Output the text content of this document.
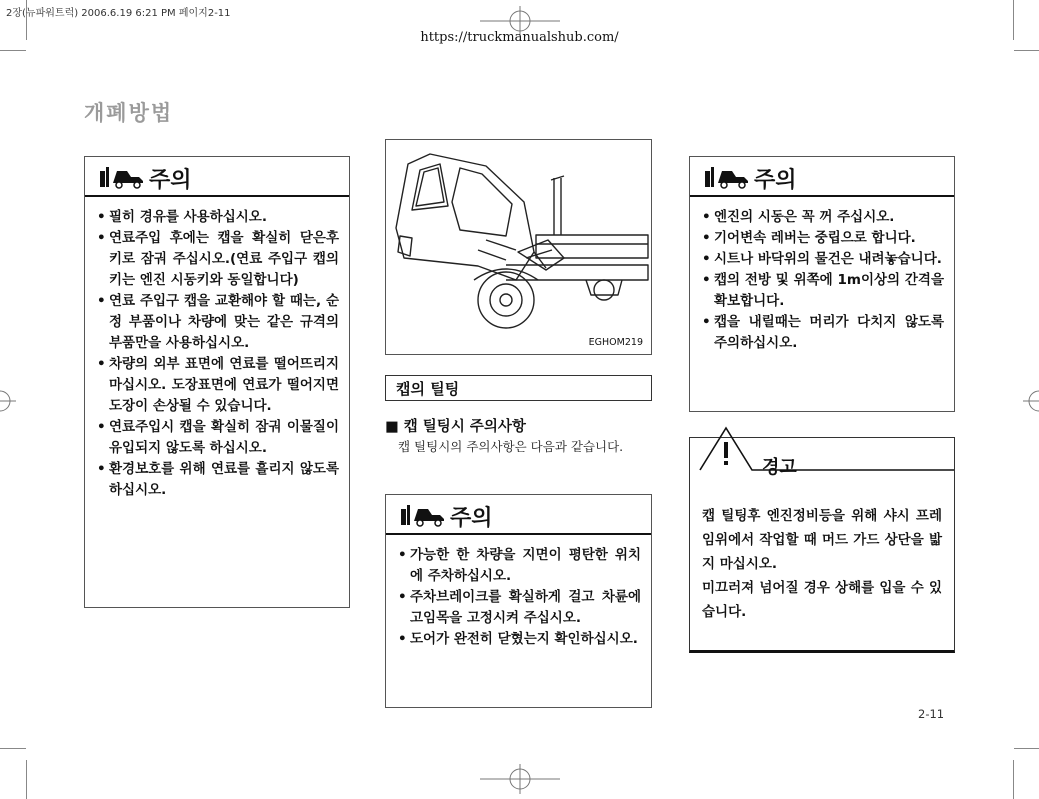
2장(뉴파워트럭) 2006.6.19 6:21 PM 페이지2-11
https://truckmanualshub.com/
개폐방법
주의
• 필히 경유를 사용하십시오.
• 연료주입 후에는 캡을 확실히 닫은후 키로 잠궈 주십시오.(연료 주입구 캡의 키는 엔진 시동키와 동일합니다)
• 연료 주입구 캡을 교환해야 할 때는, 순정 부품이나 차량에 맞는 같은 규격의 부품만을 사용하십시오.
• 차량의 외부 표면에 연료를 떨어뜨리지 마십시오. 도장표면에 연료가 떨어지면 도장이 손상될 수 있습니다.
• 연료주입시 캡을 확실히 잠궈 이물질이 유입되지 않도록 하십시오.
• 환경보호를 위해 연료를 흘리지 않도록 하십시오.
EGHOM219
캡의 틸팅
■ 캡 틸팅시 주의사항
캡 틸팅시의 주의사항은 다음과 같습니다.
주의
• 가능한 한 차량을 지면이 평탄한 위치에 주차하십시오.
• 주차브레이크를 확실하게 걸고 차륜에 고임목을 고정시켜 주십시오.
• 도어가 완전히 닫혔는지 확인하십시오.
주의
• 엔진의 시동은 꼭 꺼 주십시오.
• 기어변속 레버는 중립으로 합니다.
• 시트나 바닥위의 물건은 내려놓습니다.
• 캡의 전방 및 위쪽에 1m이상의 간격을 확보합니다.
• 캡을 내릴때는 머리가 다치지 않도록 주의하십시오.
경고
캡 틸팅후 엔진정비등을 위해 샤시 프레임위에서 작업할 때 머드 가드 상단을 밟지 마십시오.
미끄러져 넘어질 경우 상해를 입을 수 있습니다.
2-11
